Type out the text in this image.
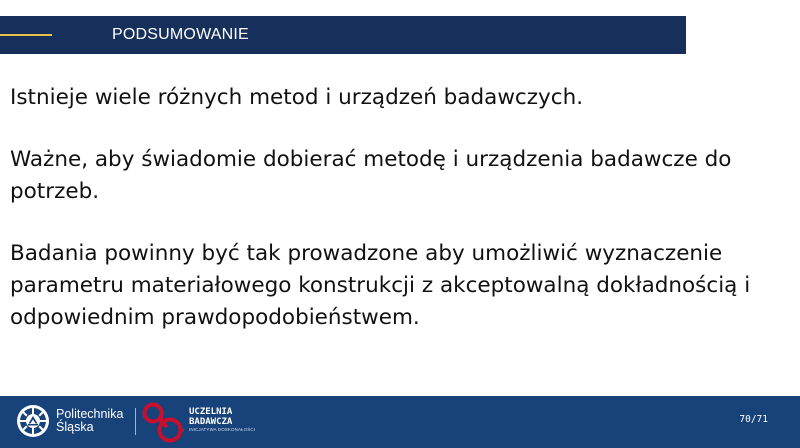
PODSUMOWANIE

Istnieje wiele różnych metod i urządzeń badawczych.

Ważne, aby świadomie dobierać metodę i urządzenia badawcze do potrzeb.

Badania powinny być tak prowadzone aby umożliwić wyznaczenie parametru materiałowego konstrukcji z akceptowalną dokładnością i odpowiednim prawdopodobieństwem.

Politechnika
Śląska
UCZELNIA
BADAWCZA
INICJATYWA DOSKONAŁOŚCI
70/71
